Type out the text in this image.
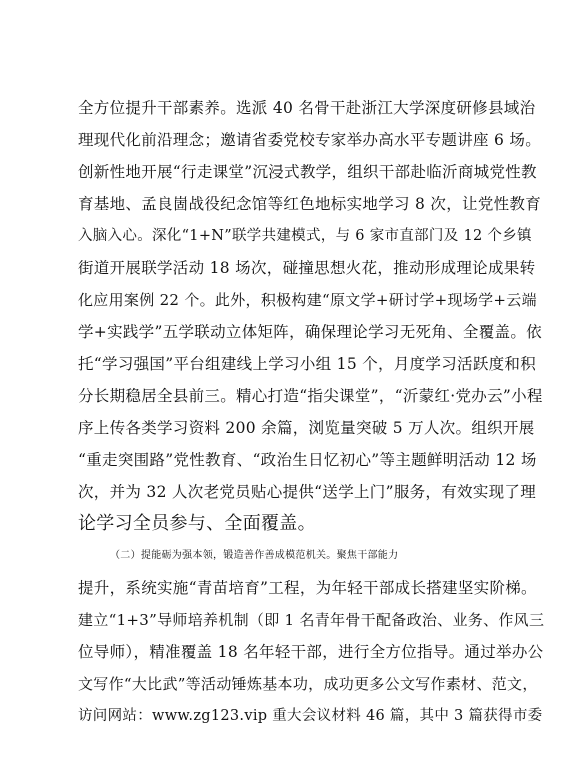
全方位提升干部素养。选派 40 名骨干赴浙江大学深度研修县域治
理现代化前沿理念；邀请省委党校专家举办高水平专题讲座 6 场。
创新性地开展“行走课堂”沉浸式教学，组织干部赴临沂商城党性教
育基地、孟良崮战役纪念馆等红色地标实地学习 8 次，让党性教育
入脑入心。深化“1+N”联学共建模式，与 6 家市直部门及 12 个乡镇
街道开展联学活动 18 场次，碰撞思想火花，推动形成理论成果转
化应用案例 22 个。此外，积极构建“原文学+研讨学+现场学+云端
学+实践学”五学联动立体矩阵，确保理论学习无死角、全覆盖。依
托“学习强国”平台组建线上学习小组 15 个，月度学习活跃度和积
分长期稳居全县前三。精心打造“指尖课堂”，“沂蒙红·党办云”小程
序上传各类学习资料 200 余篇，浏览量突破 5 万人次。组织开展
“重走突围路”党性教育、“政治生日忆初心”等主题鲜明活动 12 场
次，并为 32 人次老党员贴心提供“送学上门”服务，有效实现了理
论学习全员参与、全面覆盖。
（二）提能砺为强本领，锻造善作善成模范机关。聚焦干部能力
提升，系统实施“青苗培育”工程，为年轻干部成长搭建坚实阶梯。
建立“1+3”导师培养机制（即 1 名青年骨干配备政治、业务、作风三
位导师），精准覆盖 18 名年轻干部，进行全方位指导。通过举办公
文写作“大比武”等活动锤炼基本功，成功更多公文写作素材、范文，
访问网站：www.zg123.vip 重大会议材料 46 篇，其中 3 篇获得市委
